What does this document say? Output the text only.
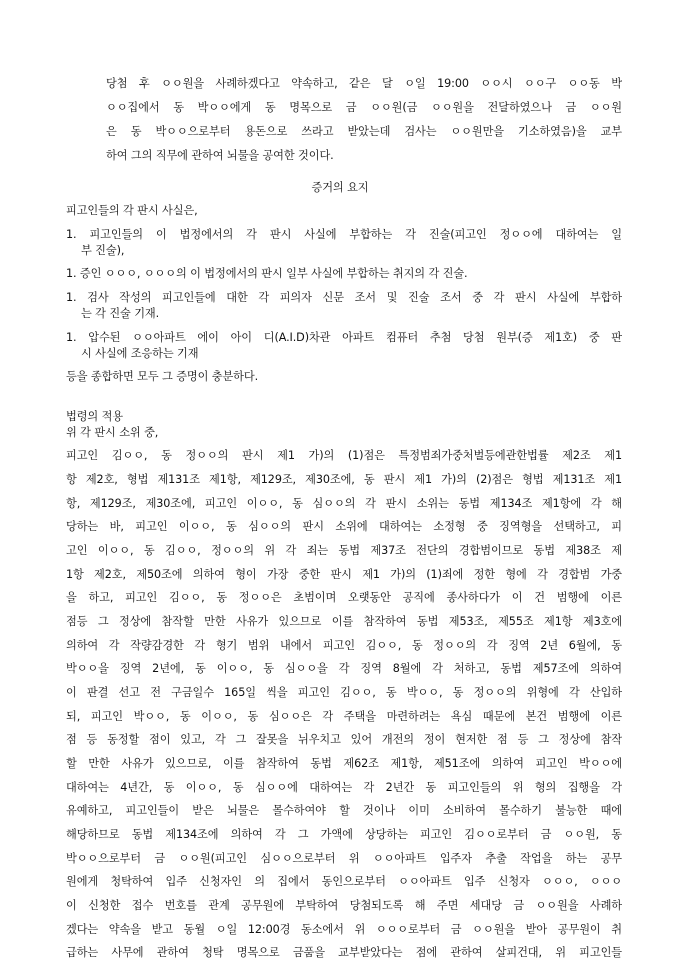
당첨 후 ㅇㅇ원을 사례하겠다고 약속하고, 같은 달 ㅇ일 19:00 ㅇㅇ시 ㅇㅇ구 ㅇㅇ동 박
ㅇㅇ집에서 동 박ㅇㅇ에게 동 명목으로 금 ㅇㅇ원(금 ㅇㅇ원을 전달하였으나 금 ㅇㅇ원
은 동 박ㅇㅇ으로부터 용돈으로 쓰라고 받았는데 검사는 ㅇㅇ원만을 기소하였음)을 교부
하여 그의 직무에 관하여 뇌물을 공여한 것이다.
증거의 요지
피고인들의 각 판시 사실은,
1. 피고인들의 이 법정에서의 각 판시 사실에 부합하는 각 진술(피고인 정ㅇㅇ에 대하여는 일
부 진술),
1. 증인 ㅇㅇㅇ, ㅇㅇㅇ의 이 법정에서의 판시 일부 사실에 부합하는 취지의 각 진술.
1. 검사 작성의 피고인들에 대한 각 피의자 신문 조서 및 진술 조서 중 각 판시 사실에 부합하
는 각 진술 기재.
1. 압수된 ㅇㅇ아파트 에이 아이 디(A.I.D)차관 아파트 컴퓨터 추첨 당첨 원부(증 제1호) 중 판
시 사실에 조응하는 기재
등을 종합하면 모두 그 증명이 충분하다.
법령의 적용
위 각 판시 소위 중,
피고인 김ㅇㅇ, 동 정ㅇㅇ의 판시 제1 가)의 (1)점은 특정범죄가중처벌등에관한법률 제2조 제1
항 제2호, 형법 제131조 제1항, 제129조, 제30조에, 동 판시 제1 가)의 (2)점은 형법 제131조 제1
항, 제129조, 제30조에, 피고인 이ㅇㅇ, 동 심ㅇㅇ의 각 판시 소위는 동법 제134조 제1항에 각 해
당하는 바, 피고인 이ㅇㅇ, 동 심ㅇㅇ의 판시 소위에 대하여는 소정형 중 징역형을 선택하고, 피
고인 이ㅇㅇ, 동 김ㅇㅇ, 정ㅇㅇ의 위 각 죄는 동법 제37조 전단의 경합범이므로 동법 제38조 제
1항 제2호, 제50조에 의하여 형이 가장 중한 판시 제1 가)의 (1)죄에 정한 형에 각 경합범 가중
을 하고, 피고인 김ㅇㅇ, 동 정ㅇㅇ은 초범이며 오랫동안 공직에 종사하다가 이 건 범행에 이른
점등 그 정상에 참작할 만한 사유가 있으므로 이를 참작하여 동법 제53조, 제55조 제1항 제3호에
의하여 각 작량감경한 각 형기 범위 내에서 피고인 김ㅇㅇ, 동 정ㅇㅇ의 각 징역 2년 6월에, 동
박ㅇㅇ을 징역 2년에, 동 이ㅇㅇ, 동 심ㅇㅇ을 각 징역 8월에 각 처하고, 동법 제57조에 의하여
이 판결 선고 전 구금일수 165일 씩을 피고인 김ㅇㅇ, 동 박ㅇㅇ, 동 정ㅇㅇ의 위형에 각 산입하
되, 피고인 박ㅇㅇ, 동 이ㅇㅇ, 동 심ㅇㅇ은 각 주택을 마련하려는 욕심 때문에 본건 범행에 이른
점 등 동정할 점이 있고, 각 그 잘못을 뉘우치고 있어 개전의 정이 현저한 점 등 그 정상에 참작
할 만한 사유가 있으므로, 이를 참작하여 동법 제62조 제1항, 제51조에 의하여 피고인 박ㅇㅇ에
대하여는 4년간, 동 이ㅇㅇ, 동 심ㅇㅇ에 대하여는 각 2년간 동 피고인들의 위 형의 집행을 각
유예하고, 피고인들이 받은 뇌물은 몰수하여야 할 것이나 이미 소비하여 몰수하기 불능한 때에
해당하므로 동법 제134조에 의하여 각 그 가액에 상당하는 피고인 김ㅇㅇ로부터 금 ㅇㅇ원, 동
박ㅇㅇ으로부터 금 ㅇㅇ원(피고인 심ㅇㅇ으로부터 위 ㅇㅇ아파트 입주자 추출 작업을 하는 공무
원에게 청탁하여 입주 신청자인 의 집에서 동인으로부터 ㅇㅇ아파트 입주 신청자 ㅇㅇㅇ, ㅇㅇㅇ
이 신청한 접수 번호를 관계 공무원에 부탁하여 당첨되도록 해 주면 세대당 금 ㅇㅇ원을 사례하
겠다는 약속을 받고 동월 ㅇ일 12:00경 동소에서 위 ㅇㅇㅇ로부터 금 ㅇㅇ원을 받아 공무원이 취
급하는 사무에 관하여 청탁 명목으로 금품을 교부받았다는 점에 관하여 살피건대, 위 피고인들
